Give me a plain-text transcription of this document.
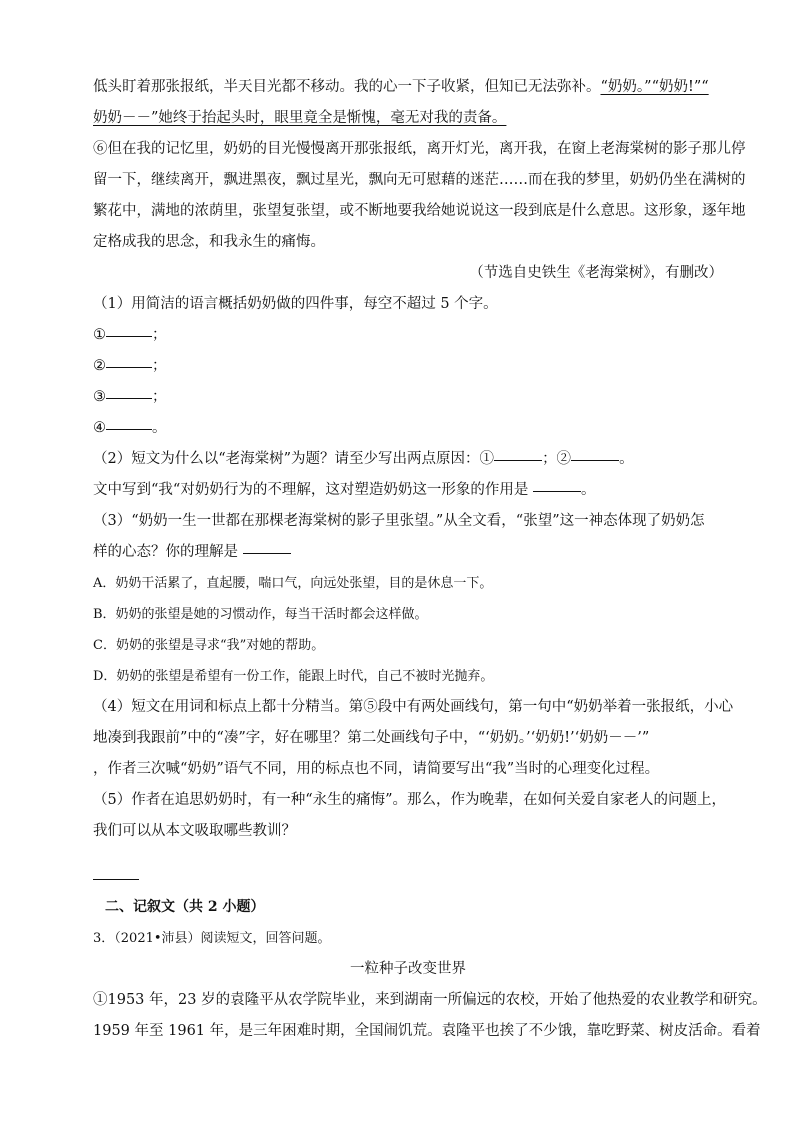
低头盯着那张报纸，半天目光都不移动。我的心一下子收紧，但知已无法弥补。“奶奶。”“奶奶!”“
奶奶－－”她终于抬起头时，眼里竟全是惭愧，毫无对我的责备。
⑥但在我的记忆里，奶奶的目光慢慢离开那张报纸，离开灯光，离开我，在窗上老海棠树的影子那儿停
留一下，继续离开，飘进黑夜，飘过星光，飘向无可慰藉的迷茫……而在我的梦里，奶奶仍坐在满树的
繁花中，满地的浓荫里，张望复张望，或不断地要我给她说说这一段到底是什么意思。这形象，逐年地
定格成我的思念，和我永生的痛悔。
（节选自史铁生《老海棠树》，有删改）
（1）用简洁的语言概括奶奶做的四件事，每空不超过 5 个字。
①	；
②	；
③	；
④	。
（2）短文为什么以“老海棠树”为题？请至少写出两点原因：①	；②	。
文中写到“我“对奶奶行为的不理解，这对塑造奶奶这一形象的作用是	。
（3）“奶奶一生一世都在那棵老海棠树的影子里张望。”从全文看，“张望”这一神态体现了奶奶怎
样的心态？你的理解是
A．奶奶干活累了，直起腰，喘口气，向远处张望，目的是休息一下。
B．奶奶的张望是她的习惯动作，每当干活时都会这样做。
C．奶奶的张望是寻求“我”对她的帮助。
D．奶奶的张望是希望有一份工作，能跟上时代，自己不被时光抛弃。
（4）短文在用词和标点上都十分精当。第⑤段中有两处画线句，第一句中“奶奶举着一张报纸，小心
地凑到我跟前”中的“凑”字，好在哪里？第二处画线句子中，“‘奶奶。’‘奶奶!’‘奶奶－－’”
，作者三次喊“奶奶”语气不同，用的标点也不同，请简要写出“我”当时的心理变化过程。
（5）作者在追思奶奶时，有一种“永生的痛悔”。那么，作为晚辈，在如何关爱自家老人的问题上，
我们可以从本文吸取哪些教训？
二、记叙文（共 2 小题）
3．（2021•沛县）阅读短文，回答问题。
一粒种子改变世界
①1953 年，23 岁的袁隆平从农学院毕业，来到湖南一所偏远的农校，开始了他热爱的农业教学和研究。
1959 年至 1961 年，是三年困难时期，全国闹饥荒。袁隆平也挨了不少饿，靠吃野菜、树皮活命。看着
